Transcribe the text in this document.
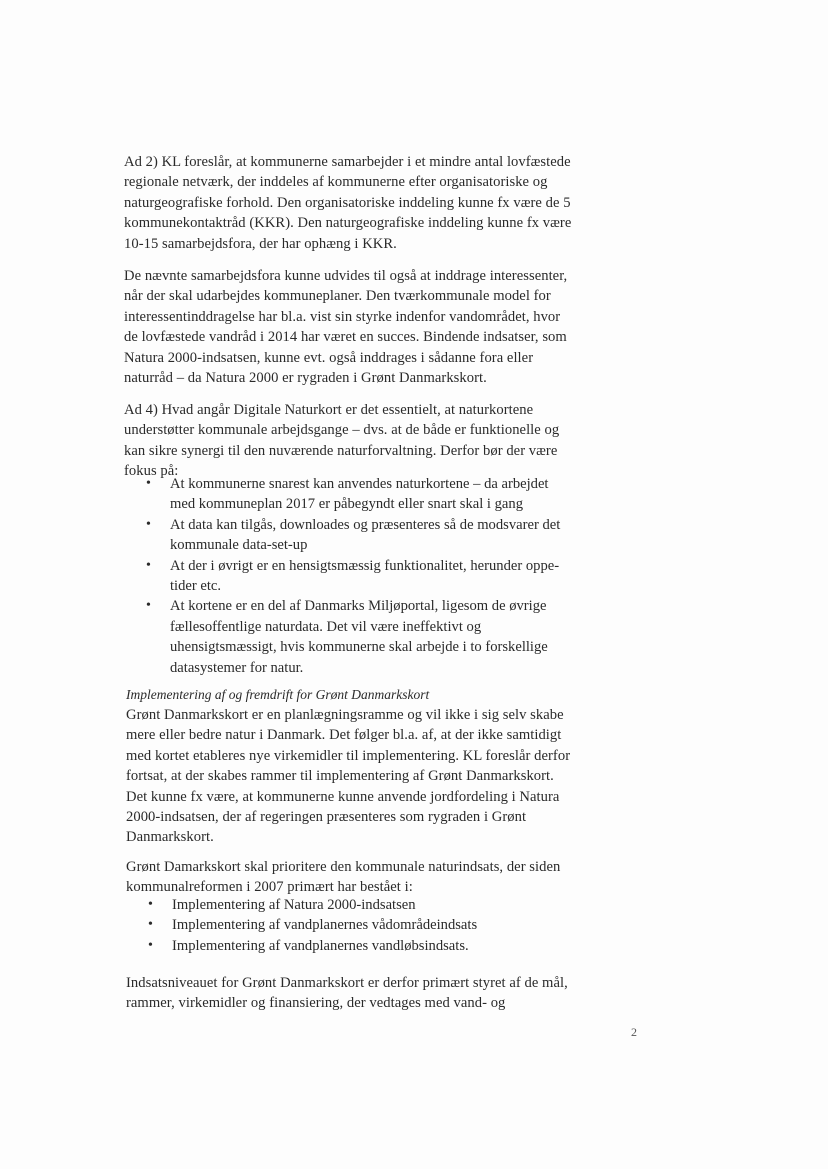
Ad 2) KL foreslår, at kommunerne samarbejder i et mindre antal lovfæstede
regionale netværk, der inddeles af kommunerne efter organisatoriske og
naturgeografiske forhold. Den organisatoriske inddeling kunne fx være de 5
kommunekontaktråd (KKR). Den naturgeografiske inddeling kunne fx være
10-15 samarbejdsfora, der har ophæng i KKR.
De nævnte samarbejdsfora kunne udvides til også at inddrage interessenter,
når der skal udarbejdes kommuneplaner. Den tværkommunale model for
interessentinddragelse har bl.a. vist sin styrke indenfor vandområdet, hvor
de lovfæstede vandråd i 2014 har været en succes. Bindende indsatser, som
Natura 2000-indsatsen, kunne evt. også inddrages i sådanne fora eller
naturråd – da Natura 2000 er rygraden i Grønt Danmarkskort.
Ad 4) Hvad angår Digitale Naturkort er det essentielt, at naturkortene
understøtter kommunale arbejdsgange – dvs. at de både er funktionelle og
kan sikre synergi til den nuværende naturforvaltning. Derfor bør der være
fokus på:
• At kommunerne snarest kan anvendes naturkortene – da arbejdet
med kommuneplan 2017 er påbegyndt eller snart skal i gang
• At data kan tilgås, downloades og præsenteres så de modsvarer det
kommunale data-set-up
• At der i øvrigt er en hensigtsmæssig funktionalitet, herunder oppe-
tider etc.
• At kortene er en del af Danmarks Miljøportal, ligesom de øvrige
fællesoffentlige naturdata. Det vil være ineffektivt og
uhensigtsmæssigt, hvis kommunerne skal arbejde i to forskellige
datasystemer for natur.
Implementering af og fremdrift for Grønt Danmarkskort
Grønt Danmarkskort er en planlægningsramme og vil ikke i sig selv skabe
mere eller bedre natur i Danmark. Det følger bl.a. af, at der ikke samtidigt
med kortet etableres nye virkemidler til implementering. KL foreslår derfor
fortsat, at der skabes rammer til implementering af Grønt Danmarkskort.
Det kunne fx være, at kommunerne kunne anvende jordfordeling i Natura
2000-indsatsen, der af regeringen præsenteres som rygraden i Grønt
Danmarkskort.
Grønt Damarkskort skal prioritere den kommunale naturindsats, der siden
kommunalreformen i 2007 primært har bestået i:
• Implementering af Natura 2000-indsatsen
• Implementering af vandplanernes vådområdeindsats
• Implementering af vandplanernes vandløbsindsats.
Indsatsniveauet for Grønt Danmarkskort er derfor primært styret af de mål,
rammer, virkemidler og finansiering, der vedtages med vand- og
2
